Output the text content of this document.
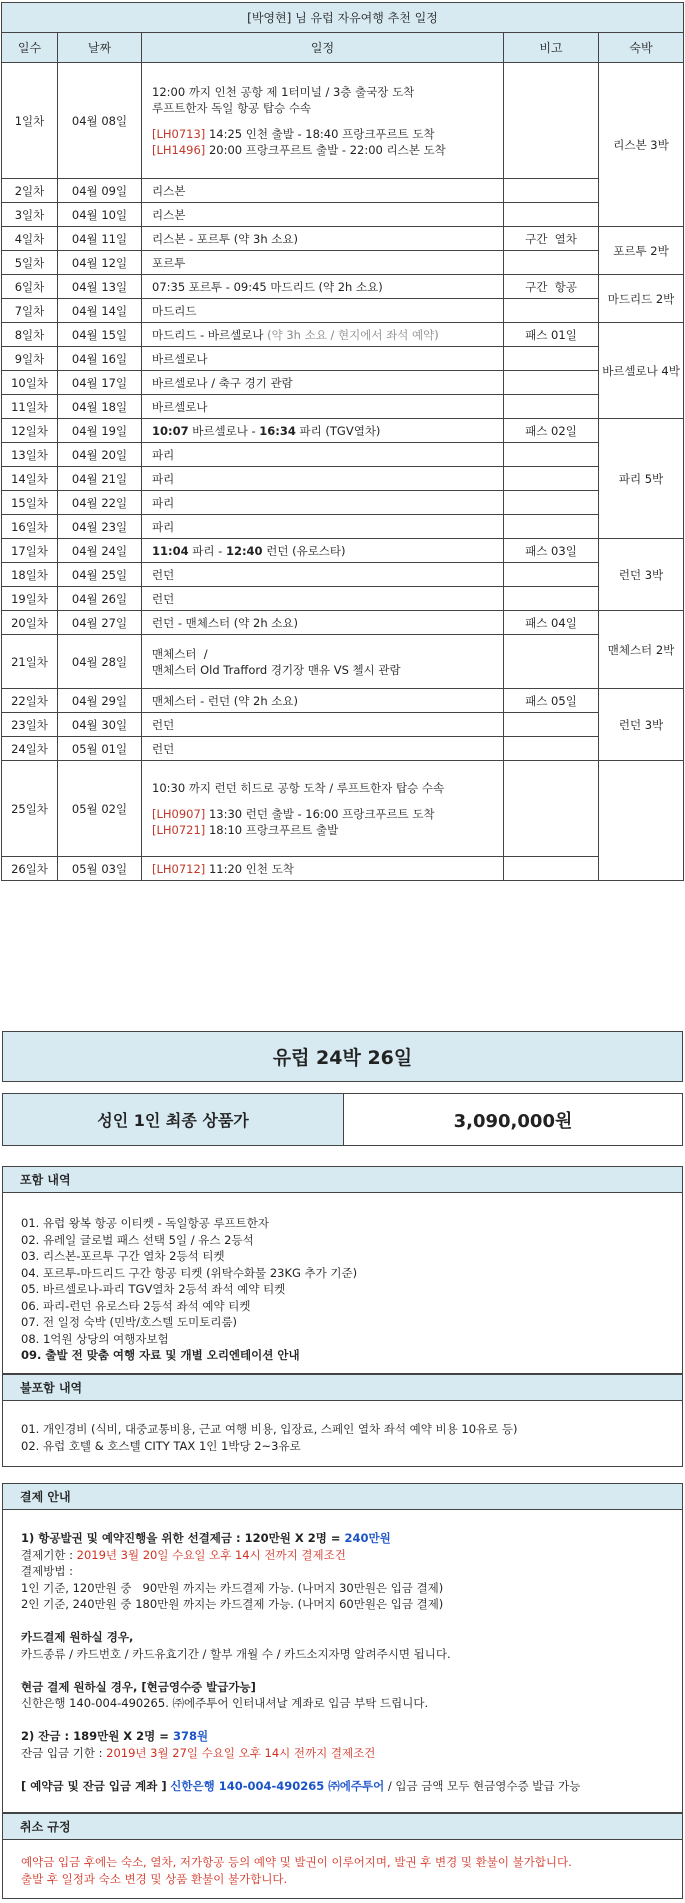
[박영현] 님 유럽 자유여행 추천 일정				
일수	날짜	일정	비고	숙박
1일차	04월 08일	12:00 까지 인천 공항 제 1터미널 / 3층 출국장 도착
루프트한자 독일 항공 탑승 수속
[LH0713] 14:25 인천 출발 - 18:40 프랑크푸르트 도착
[LH1496] 20:00 프랑크푸르트 출발 - 22:00 리스본 도착		리스본 3박
2일차	04월 09일	리스본		
3일차	04월 10일	리스본		
4일차	04월 11일	리스본 - 포르투 (약 3h 소요)	구간  열차	포르투 2박
5일차	04월 12일	포르투		
6일차	04월 13일	07:35 포르투 - 09:45 마드리드 (약 2h 소요)	구간  항공	마드리드 2박
7일차	04월 14일	마드리드		
8일차	04월 15일	마드리드 - 바르셀로나 (약 3h 소요 / 현지에서 좌석 예약)	패스 01일	바르셀로나 4박
9일차	04월 16일	바르셀로나		
10일차	04월 17일	바르셀로나 / 축구 경기 관람		
11일차	04월 18일	바르셀로나		
12일차	04월 19일	10:07 바르셀로나 - 16:34 파리 (TGV열차)	패스 02일	파리 5박
13일차	04월 20일	파리		
14일차	04월 21일	파리		
15일차	04월 22일	파리		
16일차	04월 23일	파리		
17일차	04월 24일	11:04 파리 - 12:40 런던 (유로스타)	패스 03일	런던 3박
18일차	04월 25일	런던		
19일차	04월 26일	런던		
20일차	04월 27일	런던 - 맨체스터 (약 2h 소요)	패스 04일	맨체스터 2박
21일차	04월 28일	맨체스터  /
맨체스터 Old Trafford 경기장 맨유 VS 첼시 관람		

22일차	04월 29일	맨체스터 - 런던 (약 2h 소요)	패스 05일	런던 3박
23일차	04월 30일	런던		
24일차	05월 01일	런던		
25일차	05월 02일	10:30 까지 런던 히드로 공항 도착 / 루프트한자 탑승 수속
[LH0907] 13:30 런던 출발 - 16:00 프랑크푸르트 도착
[LH0721] 18:10 프랑크푸르트 출발		

26일차	05월 03일	[LH0712] 11:20 인천 도착		
유럽 24박 26일
성인 1인 최종 상품가	3,090,000원
포함 내역
01. 유럽 왕복 항공 이티켓 - 독일항공 루프트한자
02. 유레일 글로벌 패스 선택 5일 / 유스 2등석
03. 리스본-포르투 구간 열차 2등석 티켓
04. 포르투-마드리드 구간 항공 티켓 (위탁수화물 23KG 추가 기준)
05. 바르셀로나-파리 TGV열차 2등석 좌석 예약 티켓
06. 파리-런던 유로스타 2등석 좌석 예약 티켓
07. 전 일정 숙박 (민박/호스텔 도미토리룸)
08. 1억원 상당의 여행자보험
09. 출발 전 맞춤 여행 자료 및 개별 오리엔테이션 안내
불포함 내역
01. 개인경비 (식비, 대중교통비용, 근교 여행 비용, 입장료, 스페인 열차 좌석 예약 비용 10유로 등)
02. 유럽 호텔 & 호스텔 CITY TAX 1인 1박당 2~3유로
결제 안내
1) 항공발권 및 예약진행을 위한 선결제금 : 120만원 X 2명 = 240만원
결제기한 : 2019년 3월 20일 수요일 오후 14시 전까지 결제조건
결제방법 :
1인 기준, 120만원 중   90만원 까지는 카드결제 가능. (나머지 30만원은 입금 결제)
2인 기준, 240만원 중 180만원 까지는 카드결제 가능. (나머지 60만원은 입금 결제)
카드결제 원하실 경우,
카드종류 / 카드번호 / 카드유효기간 / 할부 개월 수 / 카드소지자명 알려주시면 됩니다.
현금 결제 원하실 경우, [현금영수증 발급가능]
신한은행 140-004-490265. ㈜에주투어 인터내셔날 계좌로 입금 부탁 드립니다.
2) 잔금 : 189만원 X 2명 = 378원
잔금 입금 기한 : 2019년 3월 27일 수요일 오후 14시 전까지 결제조건
[ 예약금 및 잔금 입금 계좌 ] 신한은행 140-004-490265 ㈜에주투어 / 입금 금액 모두 현금영수증 발급 가능
취소 규정
예약금 입금 후에는 숙소, 열차, 저가항공 등의 예약 및 발권이 이루어지며, 발권 후 변경 및 환불이 불가합니다.
출발 후 일정과 숙소 변경 및 상품 환불이 불가합니다.
